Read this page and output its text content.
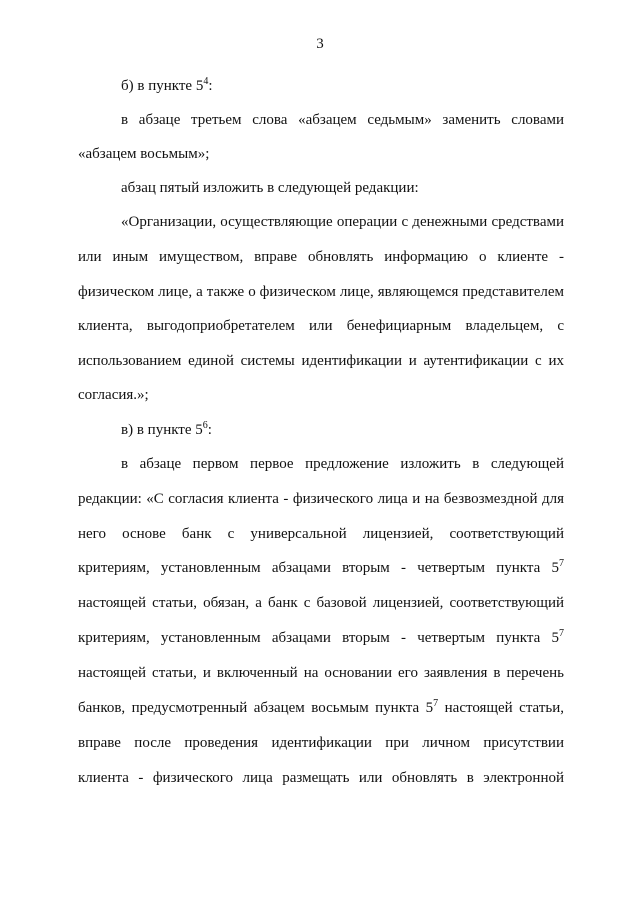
3
б) в пункте $5^4$:
в абзаце третьем слова «абзацем седьмым» заменить словами
«абзацем восьмым»;
абзац пятый изложить в следующей редакции:
«Организации, осуществляющие операции с денежными средствами
или иным имуществом, вправе обновлять информацию о клиенте -
физическом лице, а также о физическом лице, являющемся представителем
клиента, выгодоприобретателем или бенефициарным владельцем, с
использованием единой системы идентификации и аутентификации с их
согласия.»;
в) в пункте $5^6$:
в абзаце первом первое предложение изложить в следующей
редакции: «С согласия клиента - физического лица и на безвозмездной для
него основе банк с универсальной лицензией, соответствующий
критериям, установленным абзацами вторым - четвертым пункта $5^7$
настоящей статьи, обязан, а банк с базовой лицензией, соответствующий
критериям, установленным абзацами вторым - четвертым пункта $5^7$
настоящей статьи, и включенный на основании его заявления в перечень
банков, предусмотренный абзацем восьмым пункта $5^7$ настоящей статьи,
вправе после проведения идентификации при личном присутствии
клиента - физического лица размещать или обновлять в электронной
